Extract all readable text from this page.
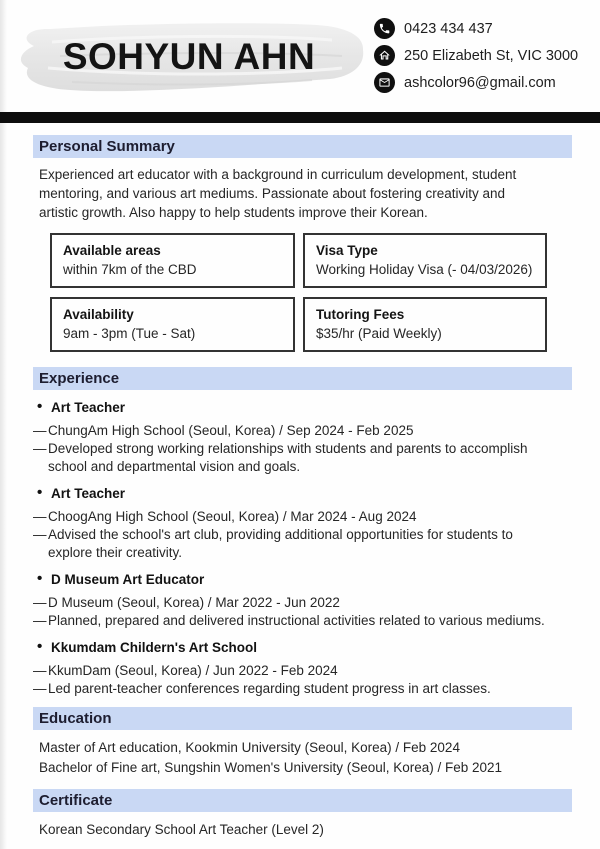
SOHYUN AHN
0423 434 437
250 Elizabeth St, VIC 3000
ashcolor96@gmail.com
Personal Summary
Experienced art educator with a background in curriculum development, student mentoring, and various art mediums. Passionate about fostering creativity and artistic growth. Also happy to help students improve their Korean.
Available areas
within 7km of the CBD
Visa Type
Working Holiday Visa (- 04/03/2026)
Availability
9am - 3pm (Tue - Sat)
Tutoring Fees
$35/hr (Paid Weekly)
Experience
• Art Teacher
— ChungAm High School (Seoul, Korea) / Sep 2024 - Feb 2025
— Developed strong working relationships with students and parents to accomplish school and departmental vision and goals.
• Art Teacher
— ChoogAng High School (Seoul, Korea) / Mar 2024 - Aug 2024
— Advised the school's art club, providing additional opportunities for students to explore their creativity.
• D Museum Art Educator
— D Museum (Seoul, Korea) / Mar 2022 - Jun 2022
— Planned, prepared and delivered instructional activities related to various mediums.
• Kkumdam Childern's Art School
— KkumDam (Seoul, Korea) / Jun 2022 - Feb 2024
— Led parent-teacher conferences regarding student progress in art classes.
Education
Master of Art education, Kookmin University (Seoul, Korea) / Feb 2024
Bachelor of Fine art, Sungshin Women's University (Seoul, Korea) / Feb 2021
Certificate
Korean Secondary School Art Teacher (Level 2)
